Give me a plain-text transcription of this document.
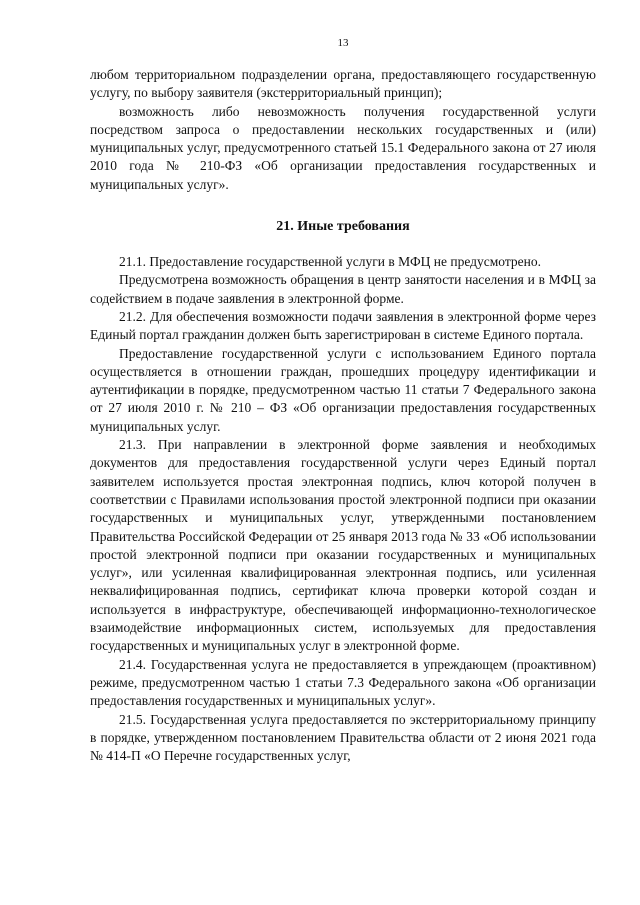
13

любом территориальном подразделении органа, предоставляющего государственную услугу, по выбору заявителя (экстерриториальный принцип);

возможность либо невозможность получения государственной услуги посредством запроса о предоставлении нескольких государственных и (или) муниципальных услуг, предусмотренного статьей 15.1 Федерального закона от 27 июля 2010 года № 210-ФЗ «Об организации предоставления государственных и муниципальных услуг».

21. Иные требования

21.1. Предоставление государственной услуги в МФЦ не предусмотрено.

Предусмотрена возможность обращения в центр занятости населения и в МФЦ за содействием в подаче заявления в электронной форме.

21.2. Для обеспечения возможности подачи заявления в электронной форме через Единый портал гражданин должен быть зарегистрирован в системе Единого портала.

Предоставление государственной услуги с использованием Единого портала осуществляется в отношении граждан, прошедших процедуру идентификации и аутентификации в порядке, предусмотренном частью 11 статьи 7 Федерального закона от 27 июля 2010 г. № 210 – ФЗ «Об организации предоставления государственных муниципальных услуг.

21.3. При направлении в электронной форме заявления и необходимых документов для предоставления государственной услуги через Единый портал заявителем используется простая электронная подпись, ключ которой получен в соответствии с Правилами использования простой электронной подписи при оказании государственных и муниципальных услуг, утвержденными постановлением Правительства Российской Федерации от 25 января 2013 года № 33 «Об использовании простой электронной подписи при оказании государственных и муниципальных услуг», или усиленная квалифицированная электронная подпись, или усиленная неквалифицированная подпись, сертификат ключа проверки которой создан и используется в инфраструктуре, обеспечивающей информационно-технологическое взаимодействие информационных систем, используемых для предоставления государственных и муниципальных услуг в электронной форме.

21.4. Государственная услуга не предоставляется в упреждающем (проактивном) режиме, предусмотренном частью 1 статьи 7.3 Федерального закона «Об организации предоставления государственных и муниципальных услуг».

21.5. Государственная услуга предоставляется по экстерриториальному принципу в порядке, утвержденном постановлением Правительства области от 2 июня 2021 года № 414-П «О Перечне государственных услуг,
